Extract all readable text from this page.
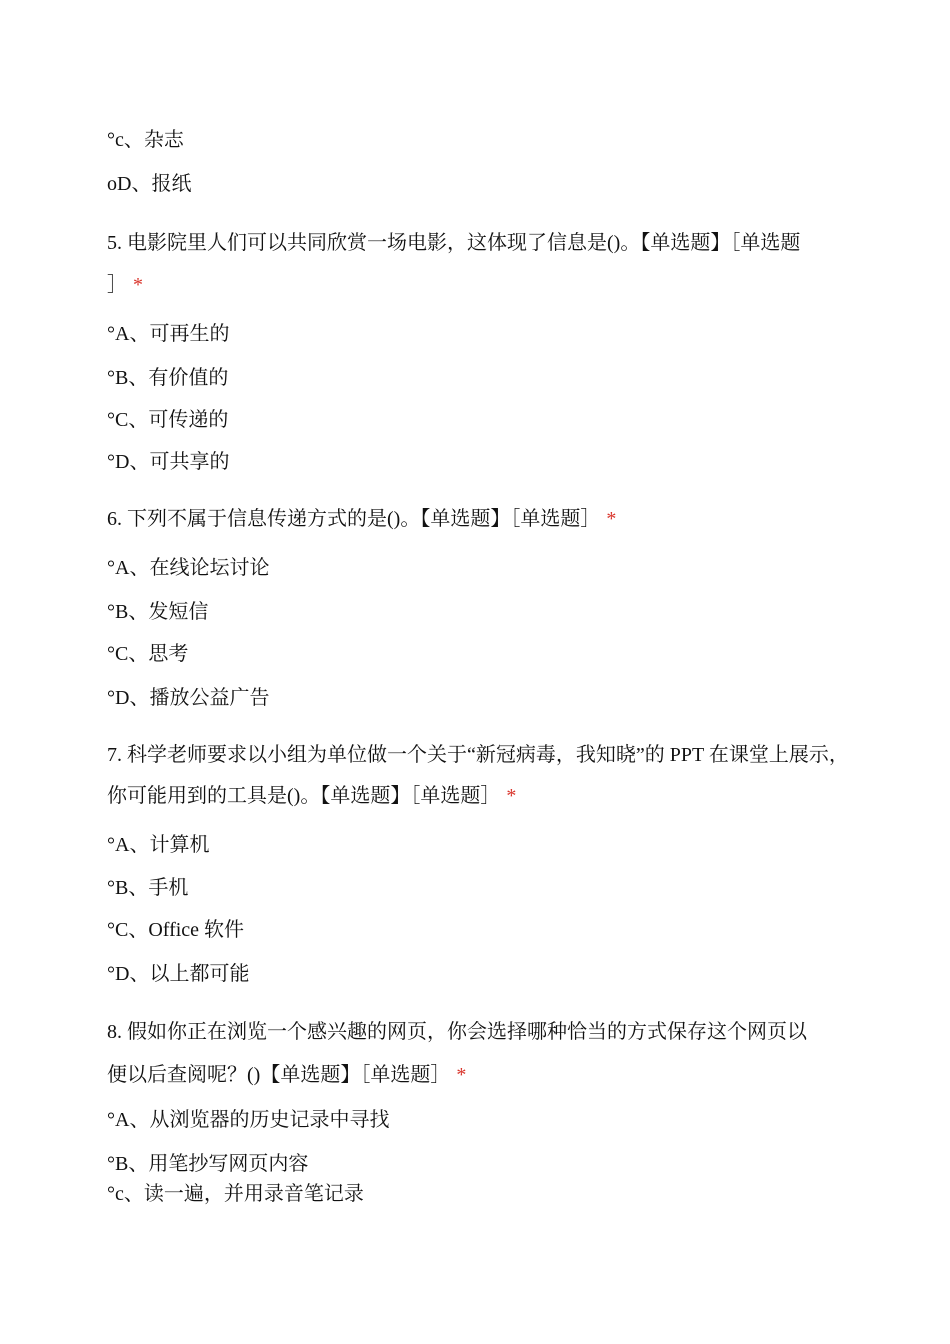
°c、杂志
oD、报纸
5. 电影院里人们可以共同欣赏一场电影，这体现了信息是()。【单选题】［单选题
］ *
°A、可再生的
°B、有价值的
°C、可传递的
°D、可共享的
6. 下列不属于信息传递方式的是()。【单选题】［单选题］ *
°A、在线论坛讨论
°B、发短信
°C、思考
°D、播放公益广告
7. 科学老师要求以小组为单位做一个关于“新冠病毒，我知晓”的 PPT 在课堂上展示，
你可能用到的工具是()。【单选题】［单选题］ *
°A、计算机
°B、手机
°C、Office 软件
°D、以上都可能
8. 假如你正在浏览一个感兴趣的网页，你会选择哪种恰当的方式保存这个网页以
便以后查阅呢？()【单选题】［单选题］ *
°A、从浏览器的历史记录中寻找
°B、用笔抄写网页内容
°c、读一遍，并用录音笔记录
